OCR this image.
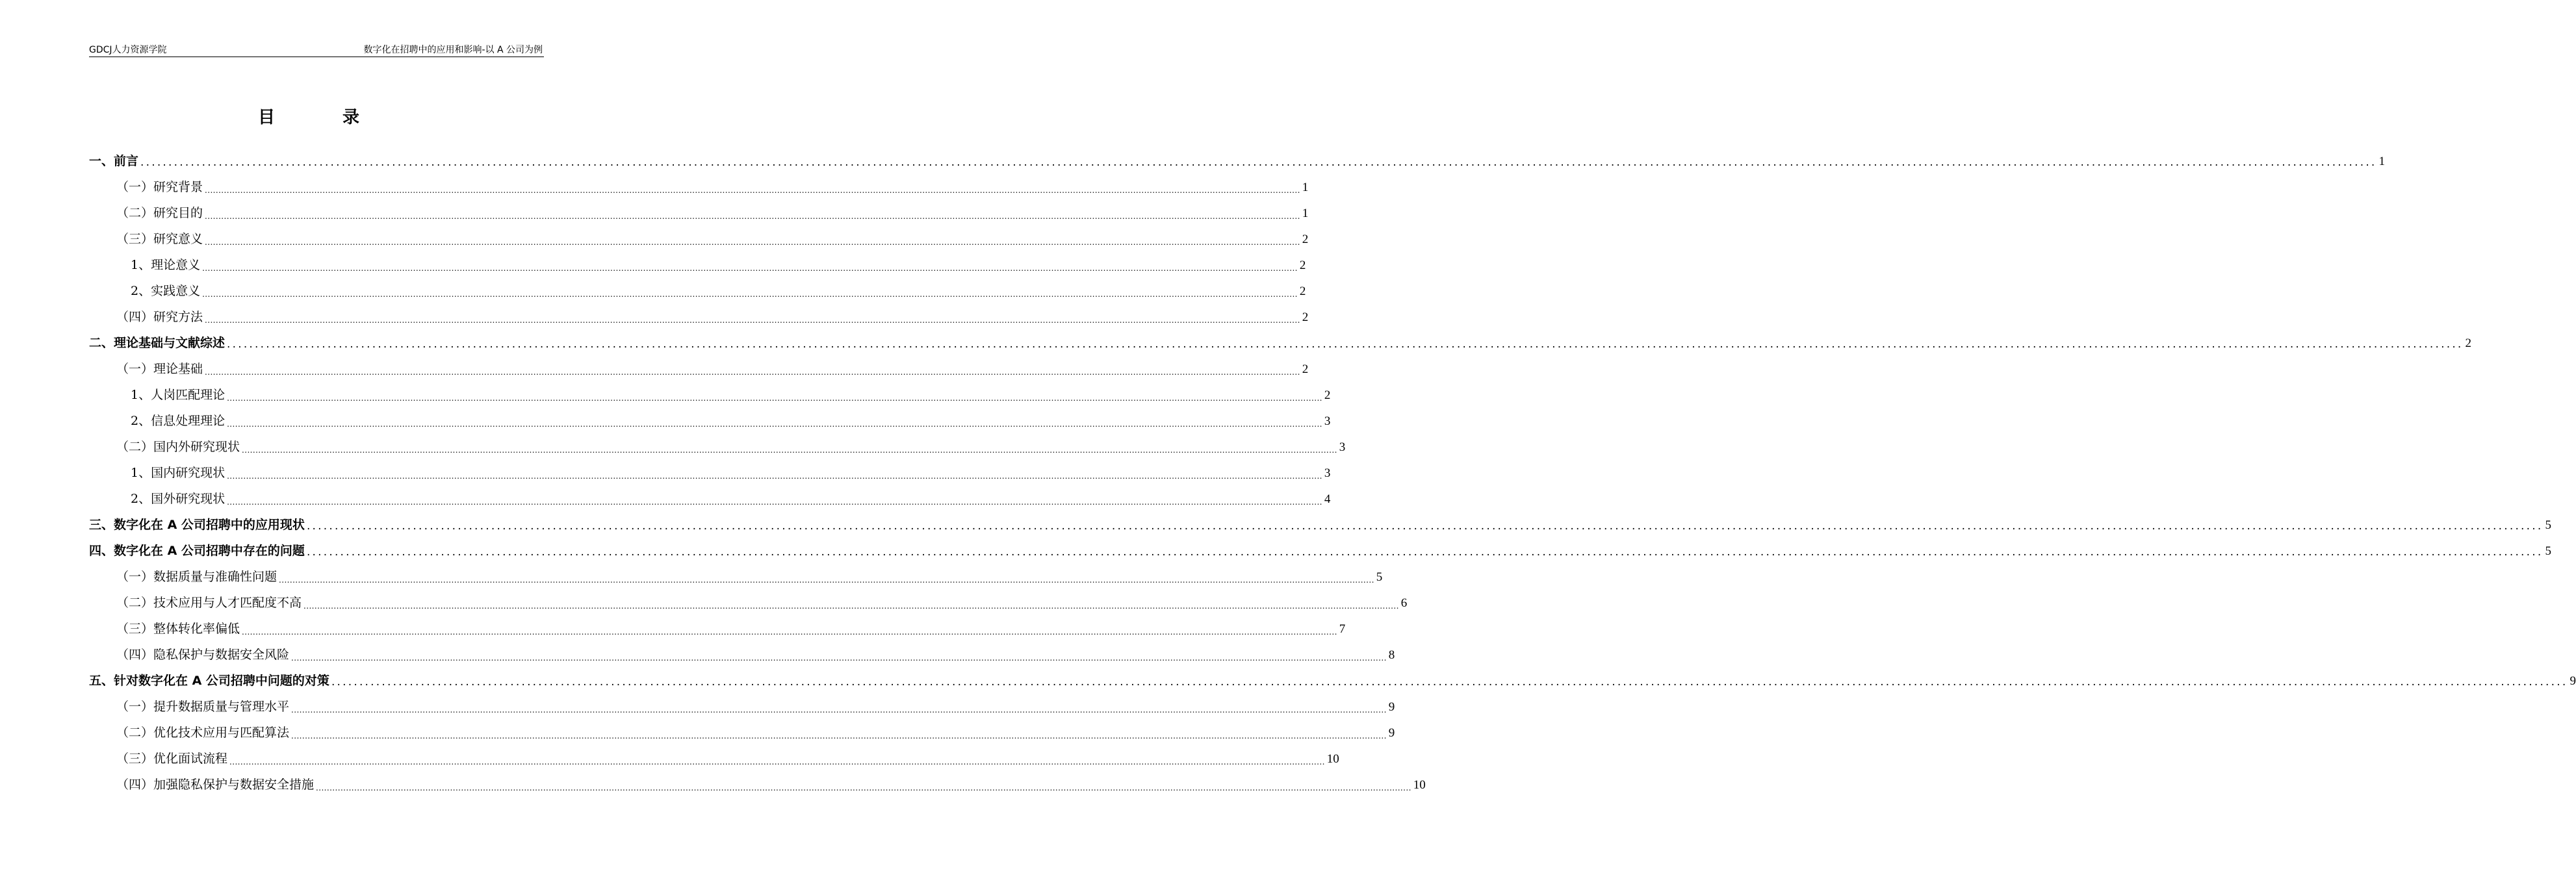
GDCJ人力资源学院	数字化在招聘中的应用和影响-以 A 公司为例
目	录
一、前言 ................................................................................................................................................................................................................................................................................................................................................................................................................ 1
（一）研究背景 ................................................................................................................................................................................................................................................................................................................................................................................................................ 1
（二）研究目的 ................................................................................................................................................................................................................................................................................................................................................................................................................ 1
（三）研究意义 ................................................................................................................................................................................................................................................................................................................................................................................................................ 2
1、理论意义 ................................................................................................................................................................................................................................................................................................................................................................................................................ 2
2、实践意义 ................................................................................................................................................................................................................................................................................................................................................................................................................ 2
（四）研究方法 ................................................................................................................................................................................................................................................................................................................................................................................................................ 2
二、理论基础与文献综述 ................................................................................................................................................................................................................................................................................................................................................................................................................ 2
（一）理论基础 ................................................................................................................................................................................................................................................................................................................................................................................................................ 2
1、人岗匹配理论 ................................................................................................................................................................................................................................................................................................................................................................................................................ 2
2、信息处理理论 ................................................................................................................................................................................................................................................................................................................................................................................................................ 3
（二）国内外研究现状 ................................................................................................................................................................................................................................................................................................................................................................................................................ 3
1、国内研究现状 ................................................................................................................................................................................................................................................................................................................................................................................................................ 3
2、国外研究现状 ................................................................................................................................................................................................................................................................................................................................................................................................................ 4
三、数字化在 A 公司招聘中的应用现状 ................................................................................................................................................................................................................................................................................................................................................................................................................ 5
四、数字化在 A 公司招聘中存在的问题 ................................................................................................................................................................................................................................................................................................................................................................................................................ 5
（一）数据质量与准确性问题 ................................................................................................................................................................................................................................................................................................................................................................................................................ 5
（二）技术应用与人才匹配度不高 ................................................................................................................................................................................................................................................................................................................................................................................................................ 6
（三）整体转化率偏低 ................................................................................................................................................................................................................................................................................................................................................................................................................ 7
（四）隐私保护与数据安全风险 ................................................................................................................................................................................................................................................................................................................................................................................................................ 8
五、针对数字化在 A 公司招聘中问题的对策 ................................................................................................................................................................................................................................................................................................................................................................................................................ 9
（一）提升数据质量与管理水平 ................................................................................................................................................................................................................................................................................................................................................................................................................ 9
（二）优化技术应用与匹配算法 ................................................................................................................................................................................................................................................................................................................................................................................................................ 9
（三）优化面试流程 ................................................................................................................................................................................................................................................................................................................................................................................................................ 10
（四）加强隐私保护与数据安全措施 ................................................................................................................................................................................................................................................................................................................................................................................................................ 10
